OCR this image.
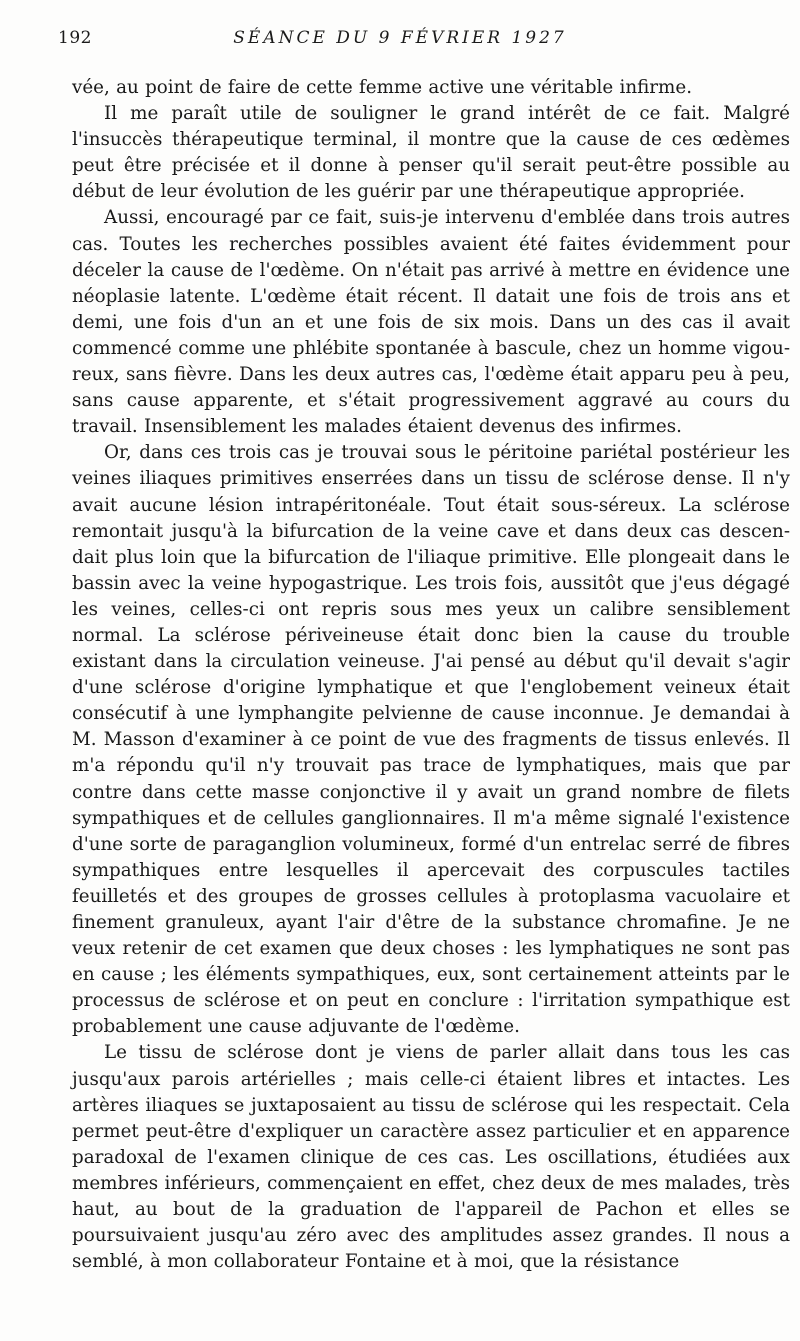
192	SÉANCE DU 9 FÉVRIER 1927

vée, au point de faire de cette femme active une véritable infirme.

Il me paraît utile de souligner le grand intérêt de ce fait. Malgré l'insuccès thérapeutique terminal, il montre que la cause de ces œdèmes peut être précisée et il donne à penser qu'il serait peut-être possible au début de leur évolution de les guérir par une thérapeutique appropriée.

Aussi, encouragé par ce fait, suis-je intervenu d'emblée dans trois autres cas. Toutes les recherches possibles avaient été faites évidemment pour déceler la cause de l'œdème. On n'était pas arrivé à mettre en évidence une néoplasie latente. L'œdème était récent. Il datait une fois de trois ans et demi, une fois d'un an et une fois de six mois. Dans un des cas il avait commencé comme une phlébite spontanée à bascule, chez un homme vigoureux, sans fièvre. Dans les deux autres cas, l'œdème était apparu peu à peu, sans cause apparente, et s'était progressivement aggravé au cours du travail. Insensiblement les malades étaient devenus des infirmes.

Or, dans ces trois cas je trouvai sous le péritoine pariétal postérieur les veines iliaques primitives enserrées dans un tissu de sclérose dense. Il n'y avait aucune lésion intrapéritonéale. Tout était sous-séreux. La sclérose remontait jusqu'à la bifurcation de la veine cave et dans deux cas descendait plus loin que la bifurcation de l'iliaque primitive. Elle plongeait dans le bassin avec la veine hypogastrique. Les trois fois, aussitôt que j'eus dégagé les veines, celles-ci ont repris sous mes yeux un calibre sensiblement normal. La sclérose périveineuse était donc bien la cause du trouble existant dans la circulation veineuse. J'ai pensé au début qu'il devait s'agir d'une sclérose d'origine lymphatique et que l'englobement veineux était consécutif à une lymphangite pelvienne de cause inconnue. Je demandai à M. Masson d'examiner à ce point de vue des fragments de tissus enlevés. Il m'a répondu qu'il n'y trouvait pas trace de lymphatiques, mais que par contre dans cette masse conjonctive il y avait un grand nombre de filets sympathiques et de cellules ganglionnaires. Il m'a même signalé l'existence d'une sorte de paraganglion volumineux, formé d'un entrelac serré de fibres sympathiques entre lesquelles il apercevait des corpuscules tactiles feuilletés et des groupes de grosses cellules à protoplasma vacuolaire et finement granuleux, ayant l'air d'être de la substance chromafine. Je ne veux retenir de cet examen que deux choses : les lymphatiques ne sont pas en cause ; les éléments sympathiques, eux, sont certainement atteints par le processus de sclérose et on peut en conclure : l'irritation sympathique est probablement une cause adjuvante de l'œdème.

Le tissu de sclérose dont je viens de parler allait dans tous les cas jusqu'aux parois artérielles ; mais celle-ci étaient libres et intactes. Les artères iliaques se juxtaposaient au tissu de sclérose qui les respectait. Cela permet peut-être d'expliquer un caractère assez particulier et en apparence paradoxal de l'examen clinique de ces cas. Les oscillations, étudiées aux membres inférieurs, commençaient en effet, chez deux de mes malades, très haut, au bout de la graduation de l'appareil de Pachon et elles se poursuivaient jusqu'au zéro avec des amplitudes assez grandes. Il nous a semblé, à mon collaborateur Fontaine et à moi, que la résistance
